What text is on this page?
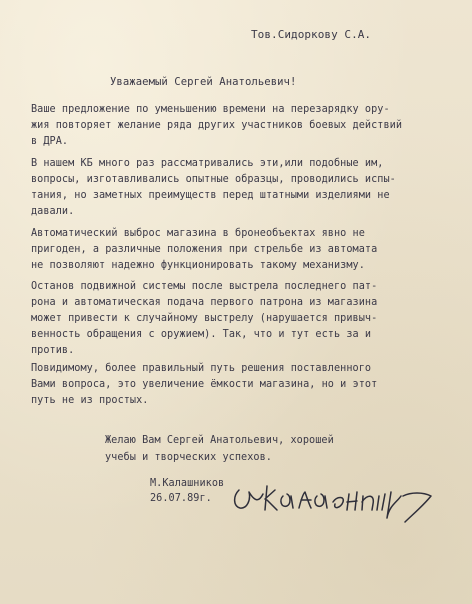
Тов.Сидоркову С.А.
Уважаемый Сергей Анатольевич!
Ваше предложение по уменьшению времени на перезарядку ору-
жия повторяет желание ряда других участников боевых действий
в ДРА.
В нашем КБ много раз рассматривались эти,или подобные им,
вопросы, изготавливались опытные образцы, проводились испы-
тания, но заметных преимуществ перед штатными изделиями не
давали.
Автоматический выброс магазина в бронеобъектах явно не
пригоден, а различные положения при стрельбе из автомата
не позволяют надежно функционировать такому механизму.
Останов подвижной системы после выстрела последнего пат-
рона и автоматическая подача первого патрона из магазина
может привести к случайному выстрелу (нарушается привыч-
венность обращения с оружием). Так, что и тут есть за и
против.
Повидимому, более правильный путь решения поставленного
Вами вопроса, это увеличение ёмкости магазина, но и этот
путь не из простых.
Желаю Вам Сергей Анатольевич, хорошей
учебы и творческих успехов.
М.Калашников
26.07.89г.
